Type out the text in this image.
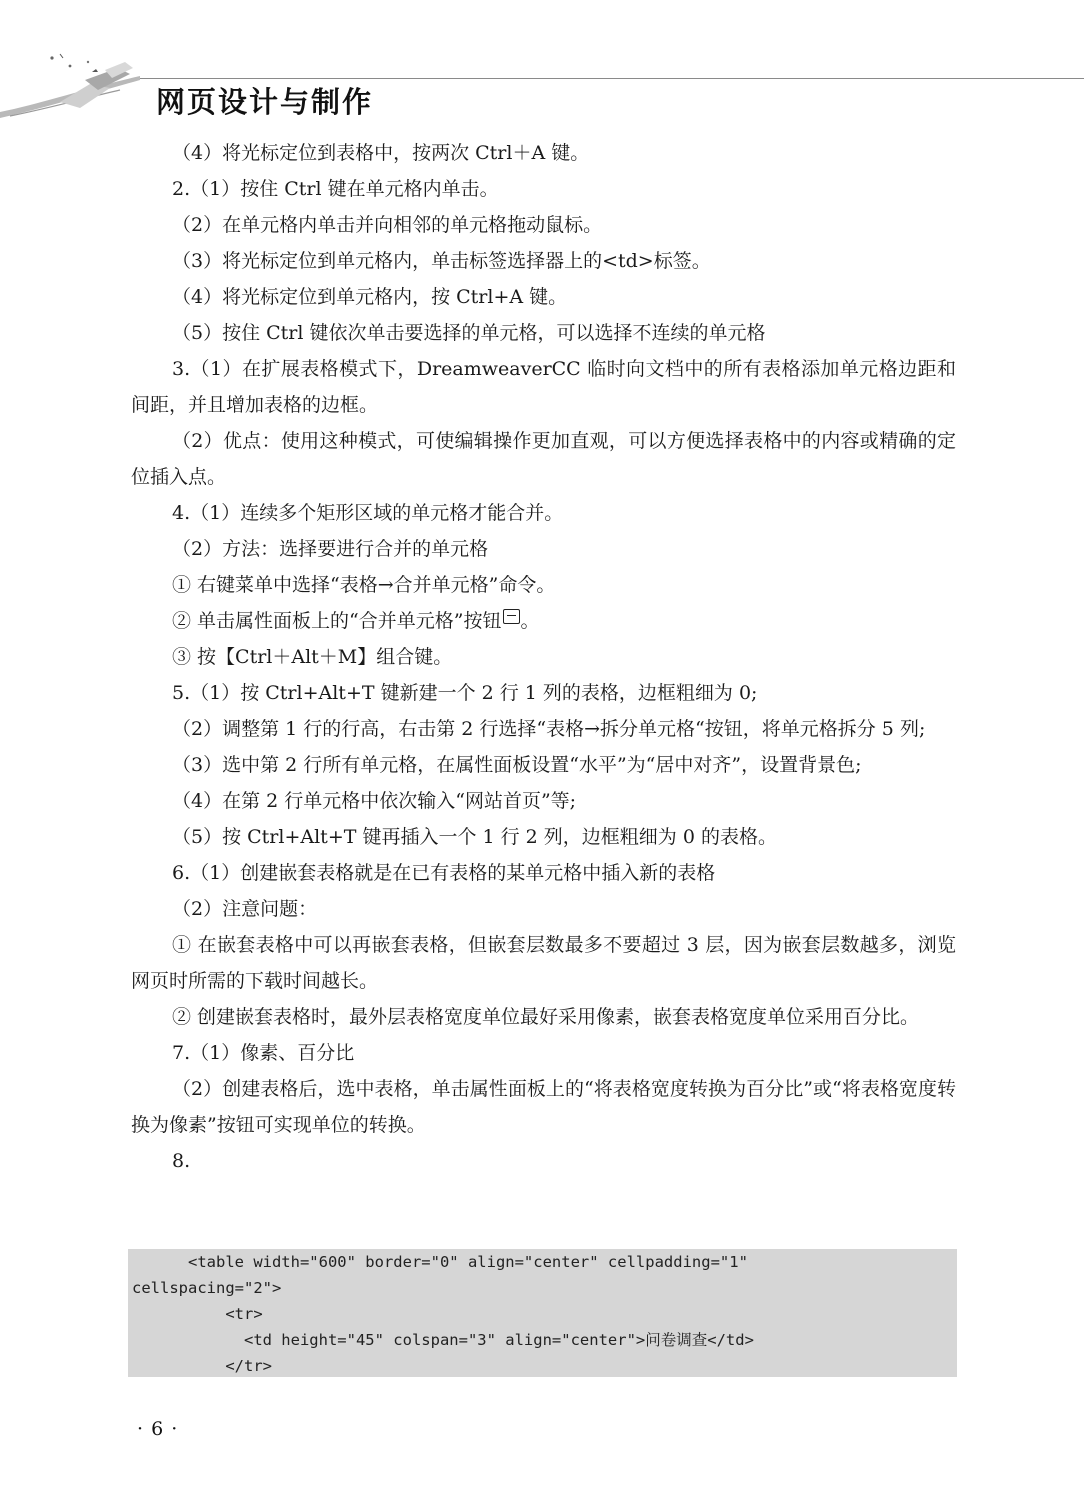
网页设计与制作

（4）将光标定位到表格中，按两次 Ctrl＋A 键。

2.（1）按住 Ctrl 键在单元格内单击。

（2）在单元格内单击并向相邻的单元格拖动鼠标。

（3）将光标定位到单元格内，单击标签选择器上的<td>标签。

（4）将光标定位到单元格内，按 Ctrl+A 键。

（5）按住 Ctrl 键依次单击要选择的单元格，可以选择不连续的单元格

3.（1）在扩展表格模式下，DreamweaverCC 临时向文档中的所有表格添加单元格边距和间距，并且增加表格的边框。

（2）优点：使用这种模式，可使编辑操作更加直观，可以方便选择表格中的内容或精确的定位插入点。

4.（1）连续多个矩形区域的单元格才能合并。

（2）方法：选择要进行合并的单元格

① 右键菜单中选择“表格→合并单元格”命令。

② 单击属性面板上的“合并单元格”按钮 。

③ 按【Ctrl＋Alt＋M】组合键。

5.（1）按 Ctrl+Alt+T 键新建一个 2 行 1 列的表格，边框粗细为 0;

（2）调整第 1 行的行高，右击第 2 行选择“表格→拆分单元格“按钮，将单元格拆分 5 列;

（3）选中第 2 行所有单元格，在属性面板设置“水平”为“居中对齐”，设置背景色;

（4）在第 2 行单元格中依次输入“网站首页”等;

（5）按 Ctrl+Alt+T 键再插入一个 1 行 2 列，边框粗细为 0 的表格。

6.（1）创建嵌套表格就是在已有表格的某单元格中插入新的表格

（2）注意问题：

① 在嵌套表格中可以再嵌套表格，但嵌套层数最多不要超过 3 层，因为嵌套层数越多，浏览网页时所需的下载时间越长。

② 创建嵌套表格时，最外层表格宽度单位最好采用像素，嵌套表格宽度单位采用百分比。

7.（1）像素、百分比

（2）创建表格后，选中表格，单击属性面板上的“将表格宽度转换为百分比”或“将表格宽度转换为像素”按钮可实现单位的转换。

8.

<table width="600" border="0" align="center" cellpadding="1"
cellspacing="2">
<tr>
<td height="45" colspan="3" align="center">问卷调查</td>
</tr>
· 6 ·
